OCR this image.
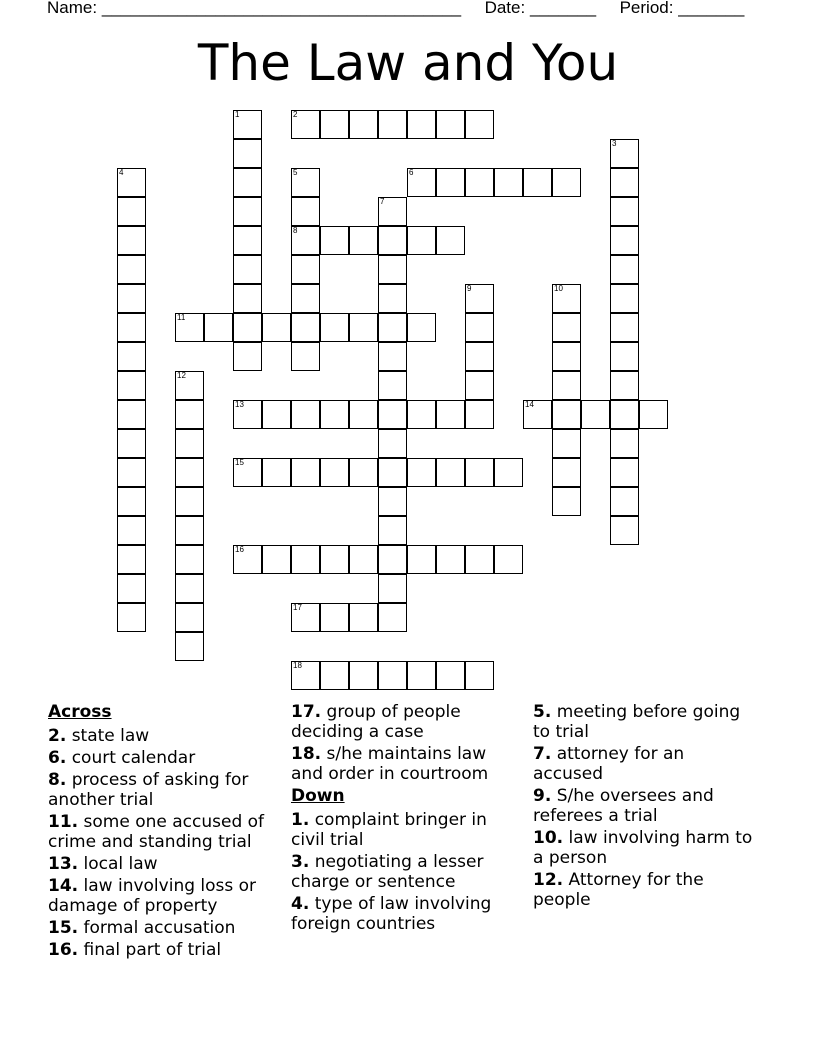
Name: ______________________________________ Date: _______ Period: _______
The Law and You
1	2
3
4	5
8
6
7
9	10
11
12
13	14
15
16
17
18
Across
2. state law
6. court calendar
8. process of asking for another trial
11. some one accused of crime and standing trial
13. local law
14. law involving loss or damage of property
15. formal accusation
16. final part of trial
17. group of people deciding a case
18. s/he maintains law and order in courtroom
Down
1. complaint bringer in civil trial
3. negotiating a lesser charge or sentence
4. type of law involving foreign countries
5. meeting before going to trial
7. attorney for an accused
9. S/he oversees and referees a trial
10. law involving harm to a person
12. Attorney for the people
